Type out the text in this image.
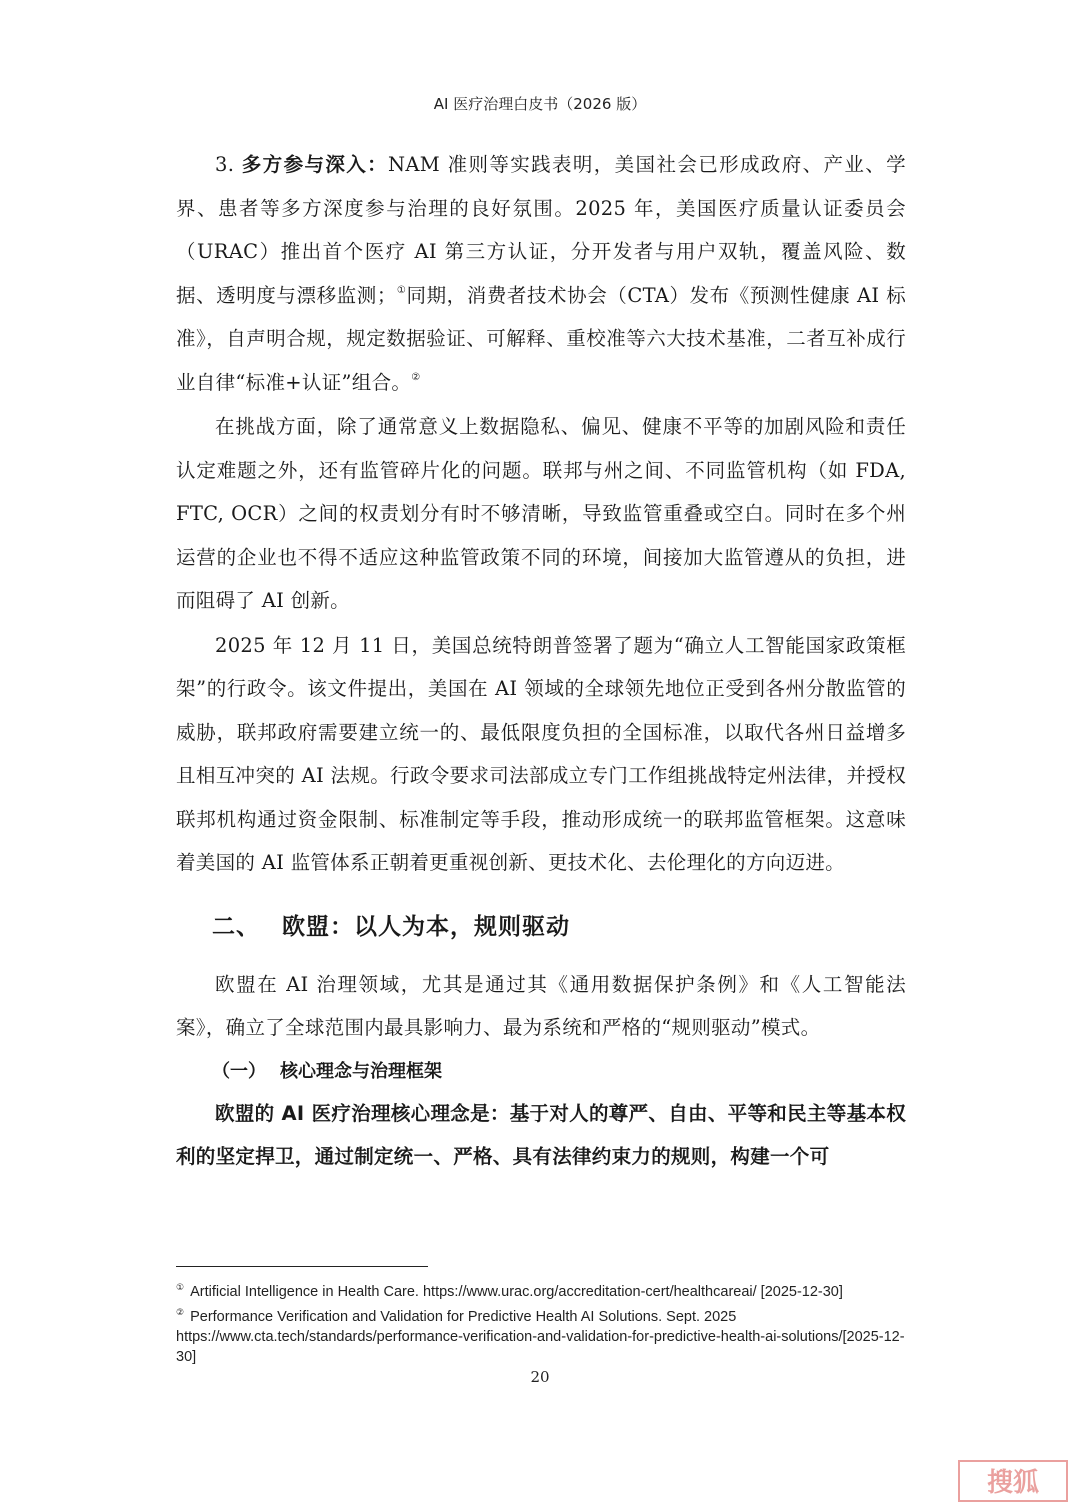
AI 医疗治理白皮书（2026 版）

3. 多方参与深入：NAM 准则等实践表明，美国社会已形成政府、产业、学界、患者等多方深度参与治理的良好氛围。2025 年，美国医疗质量认证委员会（URAC）推出首个医疗 AI 第三方认证，分开发者与用户双轨，覆盖风险、数据、透明度与漂移监测；①同期，消费者技术协会（CTA）发布《预测性健康 AI 标准》，自声明合规，规定数据验证、可解释、重校准等六大技术基准，二者互补成行业自律“标准+认证”组合。②

在挑战方面，除了通常意义上数据隐私、偏见、健康不平等的加剧风险和责任认定难题之外，还有监管碎片化的问题。联邦与州之间、不同监管机构（如 FDA, FTC, OCR）之间的权责划分有时不够清晰，导致监管重叠或空白。同时在多个州运营的企业也不得不适应这种监管政策不同的环境，间接加大监管遵从的负担，进而阻碍了 AI 创新。

2025 年 12 月 11 日，美国总统特朗普签署了题为“确立人工智能国家政策框架”的行政令。该文件提出，美国在 AI 领域的全球领先地位正受到各州分散监管的威胁，联邦政府需要建立统一的、最低限度负担的全国标准，以取代各州日益增多且相互冲突的 AI 法规。行政令要求司法部成立专门工作组挑战特定州法律，并授权联邦机构通过资金限制、标准制定等手段，推动形成统一的联邦监管框架。这意味着美国的 AI 监管体系正朝着更重视创新、更技术化、去伦理化的方向迈进。

二、 欧盟：以人为本，规则驱动

欧盟在 AI 治理领域，尤其是通过其《通用数据保护条例》和《人工智能法案》，确立了全球范围内最具影响力、最为系统和严格的“规则驱动”模式。

（一） 核心理念与治理框架

欧盟的 AI 医疗治理核心理念是：基于对人的尊严、自由、平等和民主等基本权利的坚定捍卫，通过制定统一、严格、具有法律约束力的规则，构建一个可

① Artificial Intelligence in Health Care. https://www.urac.org/accreditation-cert/healthcareai/ [2025-12-30]
② Performance Verification and Validation for Predictive Health AI Solutions. Sept. 2025
https://www.cta.tech/standards/performance-verification-and-validation-for-predictive-health-ai-solutions/[2025-12-30]
20
搜狐
